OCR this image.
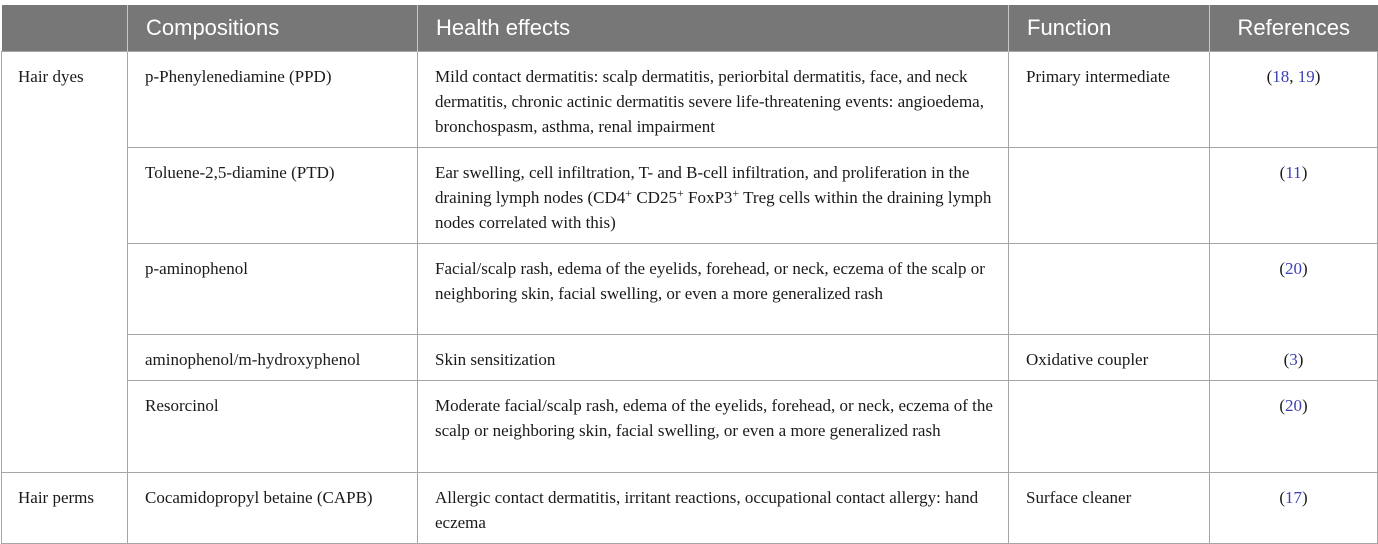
	Compositions	Health effects	Function	References
Hair dyes	p-Phenylenediamine (PPD)	Mild contact dermatitis: scalp dermatitis, periorbital dermatitis, face, and neck dermatitis, chronic actinic dermatitis severe life-threatening events: angioedema, bronchospasm, asthma, renal impairment	Primary intermediate	(18, 19)
	Toluene-2,5-diamine (PTD)	Ear swelling, cell infiltration, T- and B-cell infiltration, and proliferation in the draining lymph nodes (CD4+ CD25+ FoxP3+ Treg cells within the draining lymph nodes correlated with this)		(11)
	p-aminophenol	Facial/scalp rash, edema of the eyelids, forehead, or neck, eczema of the scalp or neighboring skin, facial swelling, or even a more generalized rash		(20)
	aminophenol/m-hydroxyphenol	Skin sensitization	Oxidative coupler	(3)
	Resorcinol	Moderate facial/scalp rash, edema of the eyelids, forehead, or neck, eczema of the scalp or neighboring skin, facial swelling, or even a more generalized rash		(20)
Hair perms	Cocamidopropyl betaine (CAPB)	Allergic contact dermatitis, irritant reactions, occupational contact allergy: hand eczema	Surface cleaner	(17)
